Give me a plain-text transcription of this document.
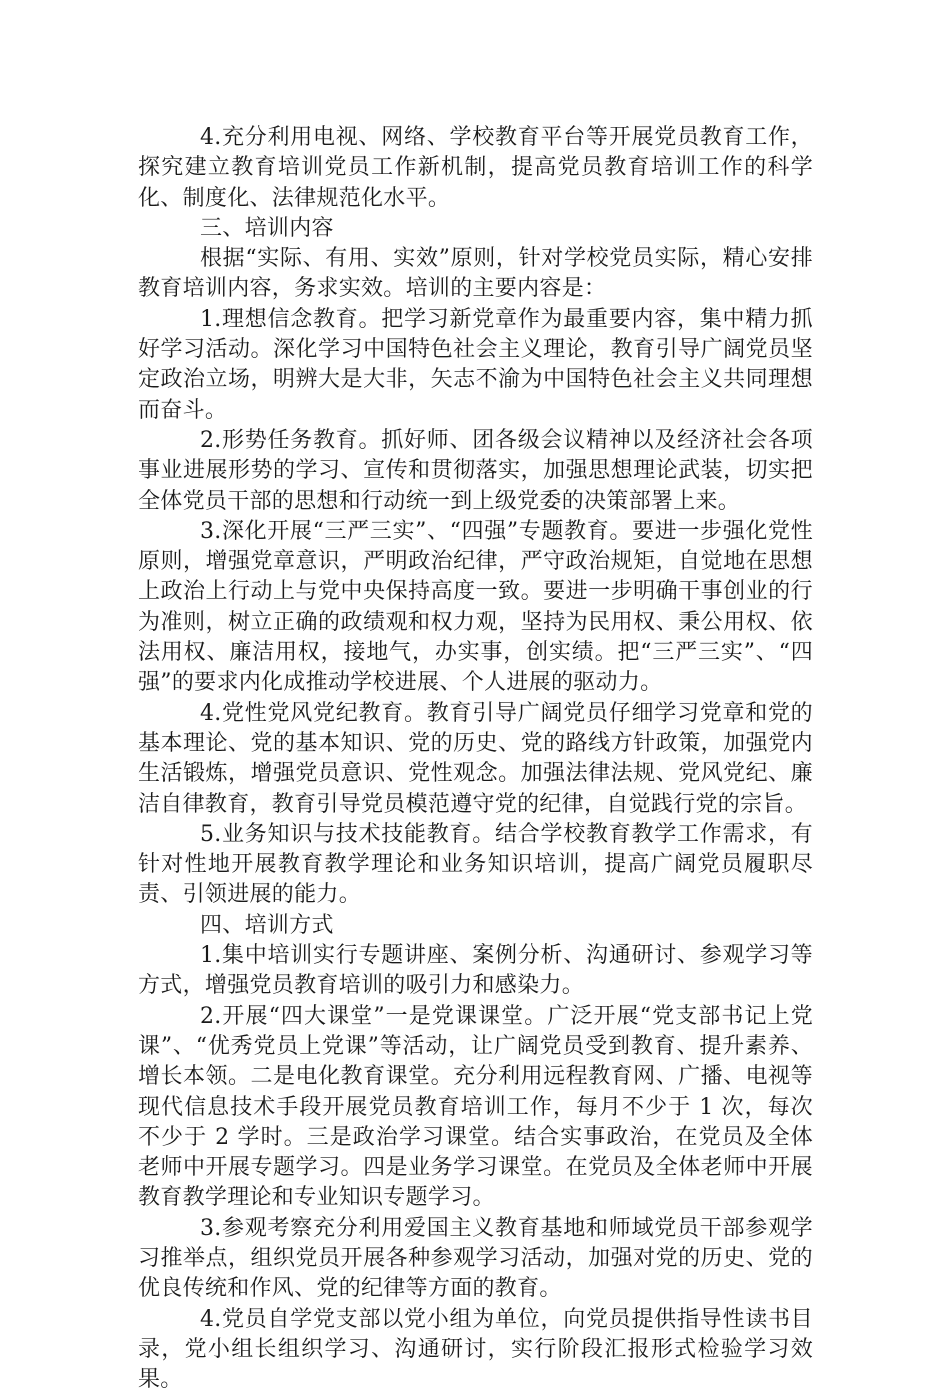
4.充分利用电视、网络、学校教育平台等开展党员教育工作，探究建立教育培训党员工作新机制，提高党员教育培训工作的科学化、制度化、法律规范化水平。

三、培训内容

根据“实际、有用、实效”原则，针对学校党员实际，精心安排教育培训内容，务求实效。培训的主要内容是：

1.理想信念教育。把学习新党章作为最重要内容，集中精力抓好学习活动。深化学习中国特色社会主义理论，教育引导广阔党员坚定政治立场，明辨大是大非，矢志不渝为中国特色社会主义共同理想而奋斗。

2.形势任务教育。抓好师、团各级会议精神以及经济社会各项事业进展形势的学习、宣传和贯彻落实，加强思想理论武装，切实把全体党员干部的思想和行动统一到上级党委的决策部署上来。

3.深化开展“三严三实”、“四强”专题教育。要进一步强化党性原则，增强党章意识，严明政治纪律，严守政治规矩，自觉地在思想上政治上行动上与党中央保持高度一致。要进一步明确干事创业的行为准则，树立正确的政绩观和权力观，坚持为民用权、秉公用权、依法用权、廉洁用权，接地气，办实事，创实绩。把“三严三实”、“四强”的要求内化成推动学校进展、个人进展的驱动力。

4.党性党风党纪教育。教育引导广阔党员仔细学习党章和党的基本理论、党的基本知识、党的历史、党的路线方针政策，加强党内生活锻炼，增强党员意识、党性观念。加强法律法规、党风党纪、廉洁自律教育，教育引导党员模范遵守党的纪律，自觉践行党的宗旨。

5.业务知识与技术技能教育。结合学校教育教学工作需求，有针对性地开展教育教学理论和业务知识培训，提高广阔党员履职尽责、引领进展的能力。

四、培训方式

1.集中培训实行专题讲座、案例分析、沟通研讨、参观学习等方式，增强党员教育培训的吸引力和感染力。

2.开展“四大课堂”一是党课课堂。广泛开展“党支部书记上党课”、“优秀党员上党课”等活动，让广阔党员受到教育、提升素养、增长本领。二是电化教育课堂。充分利用远程教育网、广播、电视等现代信息技术手段开展党员教育培训工作，每月不少于 1 次，每次不少于 2 学时。三是政治学习课堂。结合实事政治，在党员及全体老师中开展专题学习。四是业务学习课堂。在党员及全体老师中开展教育教学理论和专业知识专题学习。

3.参观考察充分利用爱国主义教育基地和师域党员干部参观学习推举点，组织党员开展各种参观学习活动，加强对党的历史、党的优良传统和作风、党的纪律等方面的教育。

4.党员自学党支部以党小组为单位，向党员提供指导性读书目录，党小组长组织学习、沟通研讨，实行阶段汇报形式检验学习效果。
